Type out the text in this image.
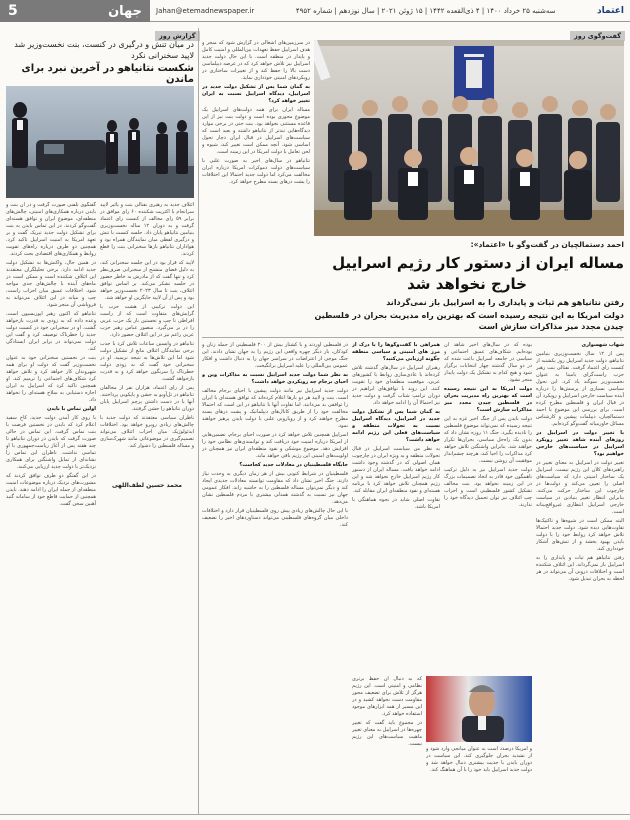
5	جهان Jahan@etemadnewspaper.ir	سه‌شنبه ۲۵ خرداد ۱۴۰۰ | ۴ ذی‌القعده ۱۴۴۲ | ۱۵ ژوئن ۲۰۲۱ | سال نوزدهم | شماره ۴۹۵۲	اعتماد
گزارش روز
در میان تنش و درگیری در کنست، بنت نخست‌وزیر شد
لاپید سخنرانی نکرد
شکست نتانیاهو در آخرین نبرد برای ماندن

گفتگوی تلفنی صورت گرفت و در آن بنت و بایدن درباره همکاری‌های امنیتی، چالش‌های منطقه‌ای، موضوع ایران و توافق هسته‌ای گفت‌وگو کردند. در این تماس بایدن به بنت برای تشکیل دولت جدید تبریک گفت و بر تعهد امریکا به امنیت اسراییل تاکید کرد. همچنین دو طرف درباره راه‌های تقویت روابط و همکاری‌های اقتصادی بحث کردند.

در همین حال، واکنش‌ها به تشکیل دولت جدید ادامه دارد. برخی تحلیلگران معتقدند این ائتلاف شکننده است و ممکن است در ماه‌های آینده با چالش‌های جدی مواجه شود. اختلافات عمیق میان احزاب راست، چپ و میانه در این ائتلاف می‌تواند به فروپاشی آن منجر شود.

نتانیاهو که اکنون رهبر اپوزیسیون است، وعده داده که به زودی به قدرت بازخواهد گشت. او در سخنرانی خود در کنست دولت جدید را خطرناک توصیف کرد و گفت این دولت نمی‌تواند در برابر ایران ایستادگی کند.

بنت در نخستین سخنرانی خود به عنوان نخست‌وزیر گفت که دولت او برای همه شهروندان کار خواهد کرد و تلاش خواهد کرد شکاف‌های اجتماعی را ترمیم کند. او همچنین تاکید کرد که اسراییل به ایران اجازه دستیابی به سلاح هسته‌ای را نخواهد داد.

اولین تماس با بایدن

با روی کار آمدن دولت جدید، کاخ سفید اعلام کرد که بایدن در نخستین فرصت با بنت تماس گرفت. این تماس در حالی صورت گرفت که بایدن در دوران نتانیاهو تا چند هفته پس از آغاز ریاست‌جمهوری با او تماسی نداشت. ناظران این تماس را نشانه‌ای از تمایل واشنگتن برای همکاری نزدیک‌تر با دولت جدید ارزیابی می‌کنند.

در این گفتگو دو طرف توافق کردند که مشورت‌های نزدیک درباره موضوعات امنیت منطقه‌ای از جمله ایران را ادامه دهند. بایدن همچنین از حمایت قاطع خود از سامانه گنبد آهنین سخن گفت.

ائتلاف جدید به رهبری نفتالی بنت و یائیر لاپید سرانجام با اکثریت شکننده ۶۰ رای موافق در برابر ۵۹ رای مخالف از کنست رای اعتماد گرفت و به دوران ۱۲ ساله نخست‌وزیری بنیامین نتانیاهو پایان داد. جلسه کنست با تنش و درگیری لفظی میان نمایندگان همراه بود و هواداران نتانیاهو بارها سخنرانی بنت را قطع کردند.

لاپید که قرار بود در این جلسه سخنرانی کند، به دلیل فضای متشنج از سخنرانی صرف‌نظر کرد و تنها گفت که از مادرش به خاطر حضور در جلسه تشکر می‌کند. بر اساس توافق ائتلاف، بنت تا سال ۲۰۲۳ نخست‌وزیر خواهد بود و پس از آن لاپید جایگزین او خواهد شد.

این دولت ترکیبی از هشت حزب با گرایش‌های متفاوت است که از راست افراطی تا چپ و نخستین بار یک حزب عربی را در بر می‌گیرد. منصور عباس رهبر حزب عربی راعم نیز در این ائتلاف حضور دارد.

نتانیاهو در واپسین ساعات تلاش کرد با جذب برخی نمایندگان ائتلاف مانع از تشکیل دولت شود اما این تلاش‌ها به نتیجه نرسید. او در سخنرانی خود گفت که به زودی دولت خطرناک را سرنگون خواهد کرد و به قدرت بازخواهد گشت.

پس از رای اعتماد، هزاران نفر از مخالفان نتانیاهو در تل‌آویو به جشن و پایکوبی پرداختند. آنها با در دست داشتن پرچم اسراییل پایان دوران نتانیاهو را جشن گرفتند.

ناظران سیاسی معتقدند که دولت جدید با چالش‌های زیادی روبرو خواهد بود. اختلافات ایدئولوژیک میان احزاب ائتلاف می‌تواند تصمیم‌گیری در موضوعاتی مانند شهرک‌سازی و مساله فلسطین را دشوار کند.

محمد حسین لطف‌اللهی
گفت‌وگوی روز

در سرزمین‌های اشغالی در گزارش شود که منجر و هدف اسراییل حفظ تعهدات بین‌المللی و امنیت کامل و پایدار در منطقه است. با این حال دولت جدید اسراییل نیز تلاش خواهد کرد که در عرصه دیپلماسی دست بالا را حفظ کند و از تغییرات ساختاری در رویکردهای امنیتی خودداری نماید.

به گمان شما پس از تشکیل دولت جدید در اسراییل، دیدگاه اسراییل نسبت به ایران تغییر خواهد کرد؟

مساله ایران برای همه دولت‌های اسراییل یک موضوع محوری بوده است و دولت بنت نیز از این قاعده مستثنی نخواهد بود. بنت حتی در برخی موارد دیدگاه‌هایی تندتر از نتانیاهو داشته و بعید است که سیاست‌های اسراییل در قبال ایران دچار تحول اساسی شود. آنچه ممکن است تغییر کند، شیوه و لحن تعامل با دولت امریکا در این زمینه است.

نتانیاهو در سال‌های اخیر به صورت علنی با سیاست‌های دولت دموکرات امریکا درباره ایران مخالفت می‌کرد اما دولت جدید احتمالا این اختلافات را پشت درهای بسته مطرح خواهد کرد.

احمد دستمالچیان در گفت‌وگو با «اعتماد»:
مساله ایران از دستور کار رژیم اسراییل
خارج نخواهد شد
رفتن نتانیاهو هم ثبات و پایداری را به اسراییل باز نمی‌گرداند
دولت امریکا به این نتیجه رسیده است که بهترین راه مدیریت بحران در فلسطین چیدن مجدد میز مذاکرات سازش است

شهاب شهسواری

پس از ۱۲ سال نخست‌وزیری بنیامین نتانیاهو، دولت جدید اسراییل روز یکشنبه از کنست رای اعتماد گرفت. نفتالی بنت رهبر حزب راست‌گرای یامینا به عنوان نخست‌وزیر سوگند یاد کرد. این تحول سیاسی بسیاری از پرسش‌ها را درباره آینده سیاست خارجی اسراییل و رویکرد آن در قبال ایران و فلسطین مطرح کرده است. برای بررسی این موضوع با احمد دستمالچیان، دیپلمات پیشین و کارشناس مسائل خاورمیانه گفت‌وگو کرده‌ایم.

با تغییر دولت در اسراییل در روزهای آینده شاهد تغییر رویکرد اسراییل در سیاست‌های خارجی خواهیم بود؟

تغییر دولت در اسراییل به معنای تغییر در راهبردهای کلان این رژیم نیست. اسراییل یک ساختار امنیتی دارد که سیاست‌های اصلی را تعیین می‌کند و دولت‌ها در چارچوب این ساختار حرکت می‌کنند. بنابراین انتظار تغییر بنیادین در سیاست خارجی اسراییل انتظاری غیرواقع‌بینانه است.

البته ممکن است در شیوه‌ها و تاکتیک‌ها تفاوت‌هایی دیده شود. دولت جدید احتمالا تلاش خواهد کرد روابط خود را با دولت بایدن بهبود بخشد و از تنش‌های آشکار خودداری کند.

رفتن نتانیاهو هم ثبات و پایداری را به اسراییل باز نمی‌گرداند. این ائتلاف شکننده است و اختلافات درونی آن می‌تواند در هر لحظه به بحران تبدیل شود.

بوده که در سال‌های اخیر شاهد آن بوده‌ایم. شکاف‌های عمیق اجتماعی و سیاسی در جامعه اسراییل باعث شده که در دو سال گذشته چهار انتخابات برگزار شود و هیچ کدام به تشکیل یک دولت پایدار منجر نشود.

دولت امریکا به این نتیجه رسیده است که بهترین راه مدیریت بحران در فلسطین چیدن مجدد میز مذاکرات سازش است؟

دولت بایدن پس از جنگ اخیر غزه به این نتیجه رسیده که نمی‌تواند موضوع فلسطین را نادیده بگیرد. جنگ ۱۱ روزه نشان داد که بدون یک راه‌حل سیاسی، بحران‌ها تکرار خواهند شد. بنابراین واشنگتن تلاش خواهد کرد مذاکرات را احیا کند، هرچند چشم‌انداز موفقیت آن روشن نیست.

دولت جدید اسراییل نیز به دلیل ترکیب ناهمگون خود قادر به اتخاذ تصمیمات بزرگ در این زمینه نخواهد بود. بنت مخالف تشکیل کشور فلسطینی است و احزاب چپ ائتلاف نیز توان تحمیل دیدگاه خود را ندارند.

همراهی با گفت‌وگوها را با درک از مرز های امنیتی و سیاسی منطقه چگونه ارزیابی می‌کنید؟

رهبران اسراییل در سال‌های گذشته تلاش کرده‌اند با عادی‌سازی روابط با کشورهای عربی، موقعیت منطقه‌ای خود را تقویت کنند. این روند با توافق‌های ابراهیم در دوران ترامپ شتاب گرفت و دولت جدید نیز احتمالا آن را ادامه خواهد داد.

به گمان شما پس از تشکیل دولت جدید در اسراییل، دیدگاه اسراییل نسبت به تحولات منطقه و سیاست‌های فعلی این رژیم ادامه خواهد داشت؟

به نظر من سیاست اسراییل در قبال تحولات منطقه و به ویژه ایران در چارچوب همان اصولی که در گذشته وجود داشت ادامه خواهد یافت. مساله ایران از دستور کار رژیم اسراییل خارج نخواهد شد و این رژیم همچنان تلاش خواهد کرد با برنامه هسته‌ای و نفوذ منطقه‌ای ایران مقابله کند.

تفاوت اصلی شاید در نحوه هماهنگی با امریکا باشد.

در فلسطین آوردند و با کشتار بیش از ۲۰۰ فلسطینی از جمله زنان و کودکان، بار دیگر چهره واقعی این رژیم را به جهان نشان دادند. این جنگ موجی از اعتراضات در سراسر جهان را به دنبال داشت و افکار عمومی بین‌المللی را علیه اسراییل برانگیخت.

به نظر شما دولت جدید اسراییل نسبت به مذاکرات وین و احیای برجام چه رویکردی خواهد داشت؟

دولت جدید اسراییل نیز مانند دولت پیشین با احیای برجام مخالف است. بنت و لاپید هر دو بارها اعلام کرده‌اند که توافق هسته‌ای با ایران را توافقی بد می‌دانند. اما تفاوت آنها با نتانیاهو در این است که احتمالا مخالفت خود را از طریق کانال‌های دیپلماتیک و پشت درهای بسته مطرح خواهند کرد و از رویارویی علنی با دولت بایدن پرهیز خواهند نمود.

اسراییل همچنین تلاش خواهد کرد در صورت احیای برجام، تضمین‌هایی از امریکا درباره امنیت خود دریافت کند و توانمندی‌های نظامی خود را افزایش دهد. موضوع موشکی و نفوذ منطقه‌ای ایران نیز همچنان در اولویت‌های امنیتی این رژیم باقی خواهد ماند.

جایگاه فلسطینیان در معادلات جدید کجاست؟

فلسطینیان در شرایط کنونی بیش از هر زمان دیگری به وحدت نیاز دارند. جنگ اخیر نشان داد که مقاومت توانسته معادلات جدیدی ایجاد کند و دیگر نمی‌توان مساله فلسطین را به حاشیه راند. افکار عمومی جهان نیز نسبت به گذشته همدلی بیشتری با مردم فلسطین نشان می‌دهد.

با این حال چالش‌های زیادی پیش روی فلسطینیان قرار دارد و اختلافات داخلی میان گروه‌های فلسطینی می‌تواند دستاوردهای اخیر را تضعیف کند.

که به دنبال آن حفظ برتری نظامی و امنیتی است. این رژیم هرگز از تلاش برای تضعیف محور مقاومت دست نخواهد کشید و در این مسیر از همه ابزارهای موجود استفاده خواهد کرد.

در مجموع باید گفت که تغییر چهره‌ها در اسراییل به معنای تغییر ماهیت سیاست‌های این رژیم نیست.

و امریکا درصدد است به عنوان میانجی وارد شود و از تشدید بحران جلوگیری کند. این سیاست در دوران بایدن با جدیت بیشتری دنبال خواهد شد و دولت جدید اسراییل باید خود را با آن هماهنگ کند.
